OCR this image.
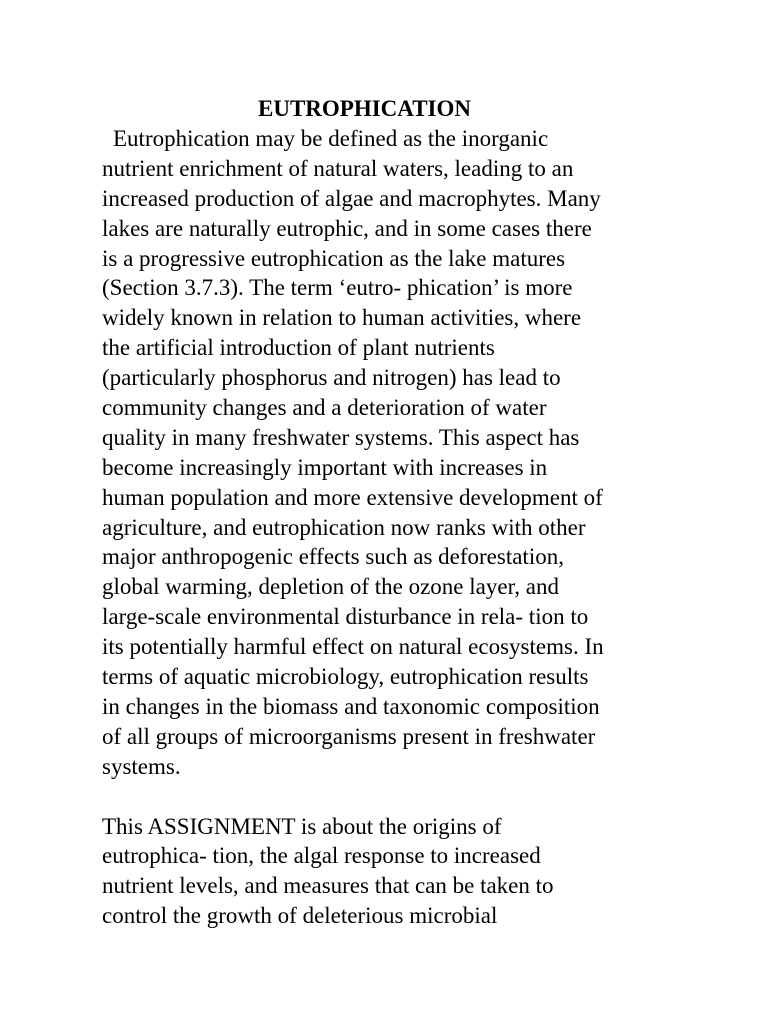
EUTROPHICATION
Eutrophication may be defined as the inorganic
nutrient enrichment of natural waters, leading to an
increased production of algae and macrophytes. Many
lakes are naturally eutrophic, and in some cases there
is a progressive eutrophication as the lake matures
(Section 3.7.3). The term ‘eutro- phication’ is more
widely known in relation to human activities, where
the artificial introduction of plant nutrients
(particularly phosphorus and nitrogen) has lead to
community changes and a deterioration of water
quality in many freshwater systems. This aspect has
become increasingly important with increases in
human population and more extensive development of
agriculture, and eutrophication now ranks with other
major anthropogenic effects such as deforestation,
global warming, depletion of the ozone layer, and
large-scale environmental disturbance in rela- tion to
its potentially harmful effect on natural ecosystems. In
terms of aquatic microbiology, eutrophication results
in changes in the biomass and taxonomic composition
of all groups of microorganisms present in freshwater
systems.
This ASSIGNMENT is about the origins of
eutrophica- tion, the algal response to increased
nutrient levels, and measures that can be taken to
control the growth of deleterious microbial
